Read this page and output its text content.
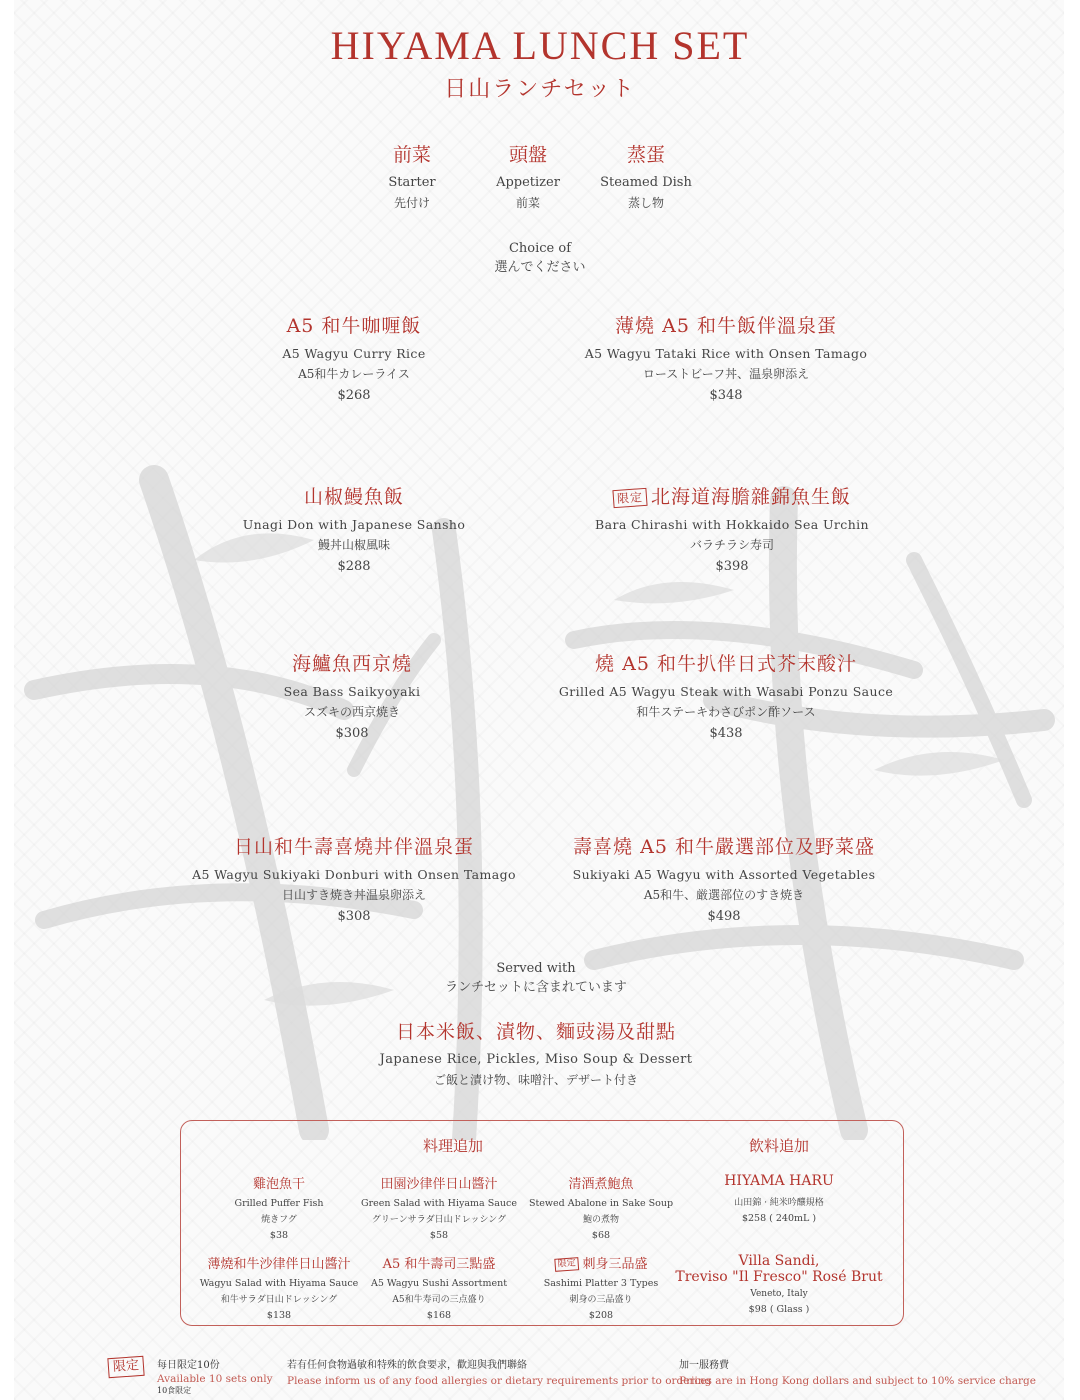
HIYAMA LUNCH SET
日山ランチセット
前菜
Starter
先付け
頭盤
Appetizer
前菜
蒸蛋
Steamed Dish
蒸し物
Choice of
選んでください
A5 和牛咖喱飯
A5 Wagyu Curry Rice
A5和牛カレーライス
$268
薄燒 A5 和牛飯伴溫泉蛋
A5 Wagyu Tataki Rice with Onsen Tamago
ローストビーフ丼、温泉卵添え
$348
山椒鰻魚飯
Unagi Don with Japanese Sansho
鰻丼山椒風味
$288
限定 北海道海膽雜錦魚生飯
Bara Chirashi with Hokkaido Sea Urchin
バラチラシ寿司
$398
海鱸魚西京燒
Sea Bass Saikyoyaki
スズキの西京焼き
$308
燒 A5 和牛扒伴日式芥末酸汁
Grilled A5 Wagyu Steak with Wasabi Ponzu Sauce
和牛ステーキわさびポン酢ソース
$438
日山和牛壽喜燒丼伴溫泉蛋
A5 Wagyu Sukiyaki Donburi with Onsen Tamago
日山すき焼き丼温泉卵添え
$308
壽喜燒 A5 和牛嚴選部位及野菜盛
Sukiyaki A5 Wagyu with Assorted Vegetables
A5和牛、厳選部位のすき焼き
$498
Served with
ランチセットに含まれています
日本米飯、漬物、麵豉湯及甜點
Japanese Rice, Pickles, Miso Soup & Dessert
ご飯と漬け物、味噌汁、デザート付き
料理追加	飲料追加
雞泡魚干
Grilled Puffer Fish
焼きフグ
$38
田園沙律伴日山醬汁
Green Salad with Hiyama Sauce
グリーンサラダ日山ドレッシング
$58
清酒煮鮑魚
Stewed Abalone in Sake Soup
鮑の煮物
$68
薄燒和牛沙律伴日山醬汁
Wagyu Salad with Hiyama Sauce
和牛サラダ日山ドレッシング
$138
A5 和牛壽司三點盛
A5 Wagyu Sushi Assortment
A5和牛寿司の三点盛り
$168
限定 刺身三品盛
Sashimi Platter 3 Types
刺身の三品盛り
$208
HIYAMA HARU
山田錦 · 純米吟釀規格
$258 ( 240mL )
Villa Sandi,
Treviso "Il Fresco" Rosé Brut
Veneto, Italy
$98 ( Glass )
限定	每日限定10份
Available 10 sets only
10食限定
若有任何食物過敏和特殊的飲食要求，歡迎與我們聯絡
Please inform us of any food allergies or dietary requirements prior to ordering
加一服務費
Prices are in Hong Kong dollars and subject to 10% service charge
